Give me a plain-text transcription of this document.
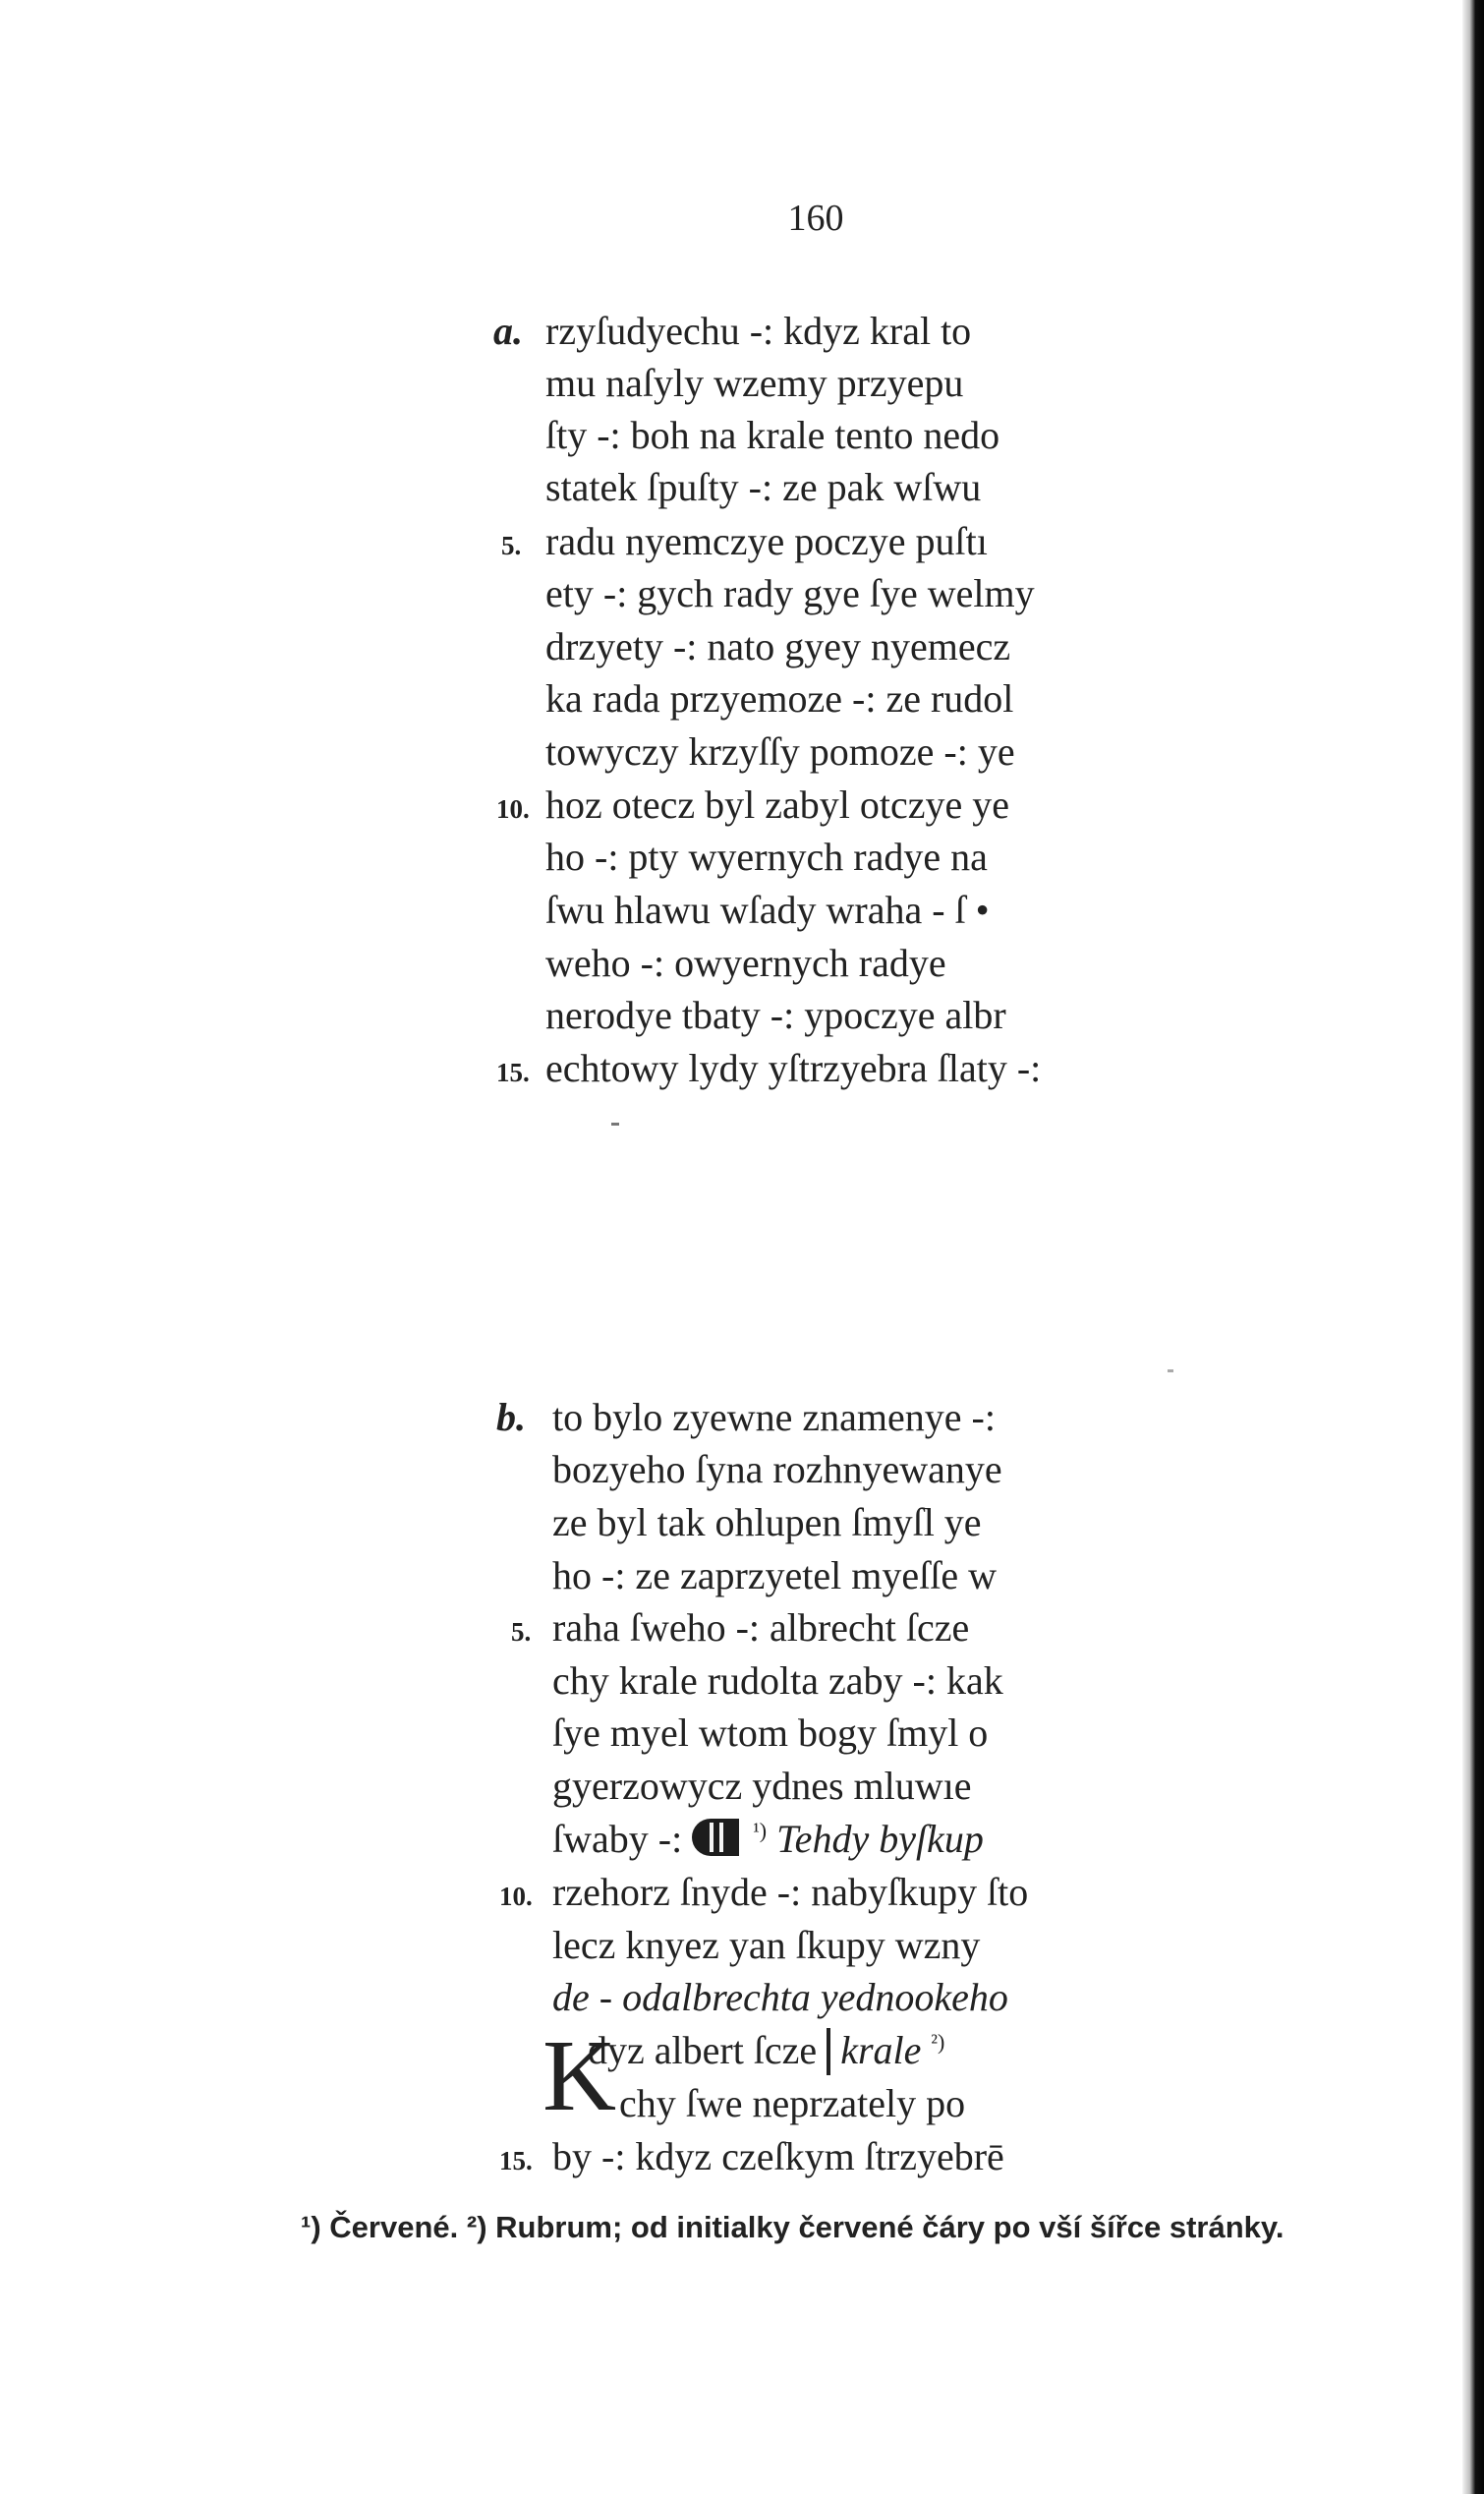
160
a. rzyſudyechu -: kdyz kral to
mu naſyly wzemy przyepu
ſty -: boh na krale tento nedo
statek ſpuſty -: ze pak wſwu
5. radu nyemczye poczye puſtı
ety -: gych rady gye ſye welmy
drzyety -: nato gyey nyemecz
ka rada przyemoze -: ze rudol
towyczy krzyſſy pomoze -: ye
10. hoz otecz byl zabyl otczye ye
ho -: pty wyernych radye na
ſwu hlawu wſady wraha - ſ •
weho -: owyernych radye
nerodye tbaty -: ypoczye albr
15. echtowy lydy yſtrzyebra ſlaty -:
b. to bylo zyewne znamenye -:
bozyeho ſyna rozhnyewanye
ze byl tak ohlupen ſmyſl ye
ho -: ze zaprzyetel myeſſe w
5. raha ſweho -: albrecht ſcze
chy krale rudolta zaby -: kak
ſye myel wtom bogy ſmyl o
gyerzowycz ydnes mluwıe
ſwaby -:	$^{^1)}$ Tehdy byſkup
10. rzehorz ſnyde -: nabyſkupy ſto
lecz knyez yan ſkupy wzny
de - odalbrechta yednookeho
K
dyz albert ſcze krale $^{^2)}$
chy ſwe neprzately po
15. by -: kdyz czeſkym ſtrzyebrē
¹) Červené. ²) Rubrum; od initialky červené čáry po vší šířce stránky.
